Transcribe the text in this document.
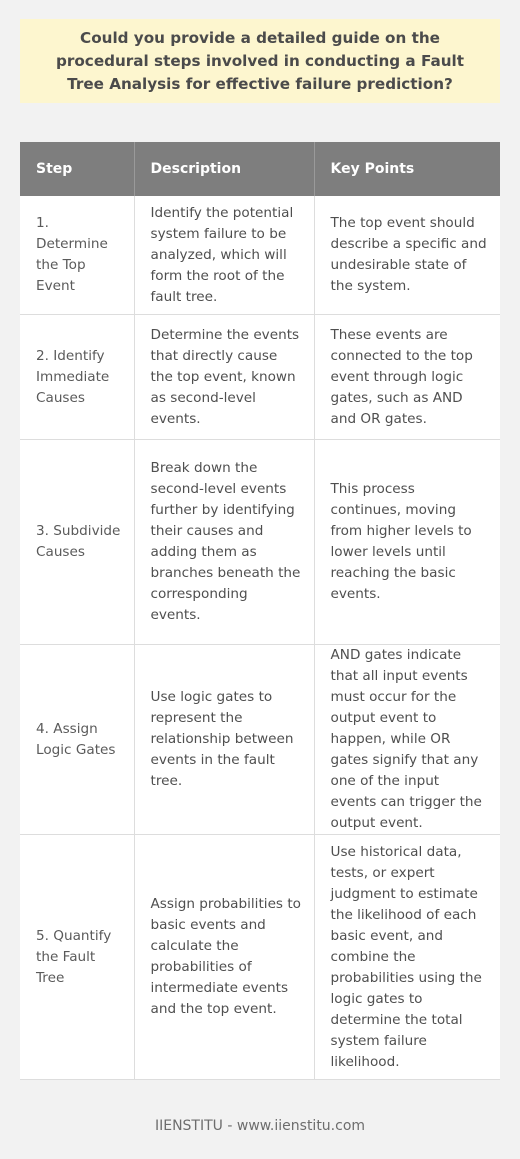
Could you provide a detailed guide on the procedural steps involved in conducting a Fault Tree Analysis for effective failure prediction?

Step	Description	Key Points
1. Determine the Top Event	Identify the potential system failure to be analyzed, which will form the root of the fault tree.	The top event should describe a specific and undesirable state of the system.
2. Identify Immediate Causes	Determine the events that directly cause the top event, known as second-level events.	These events are connected to the top event through logic gates, such as AND and OR gates.
3. Subdivide Causes	Break down the second-level events further by identifying their causes and adding them as branches beneath the corresponding events.	This process continues, moving from higher levels to lower levels until reaching the basic events.
4. Assign Logic Gates	Use logic gates to represent the relationship between events in the fault tree.	AND gates indicate that all input events must occur for the output event to happen, while OR gates signify that any one of the input events can trigger the output event.
5. Quantify the Fault Tree	Assign probabilities to basic events and calculate the probabilities of intermediate events and the top event.	Use historical data, tests, or expert judgment to estimate the likelihood of each basic event, and combine the probabilities using the logic gates to determine the total system failure likelihood.
IIENSTITU - www.iienstitu.com
